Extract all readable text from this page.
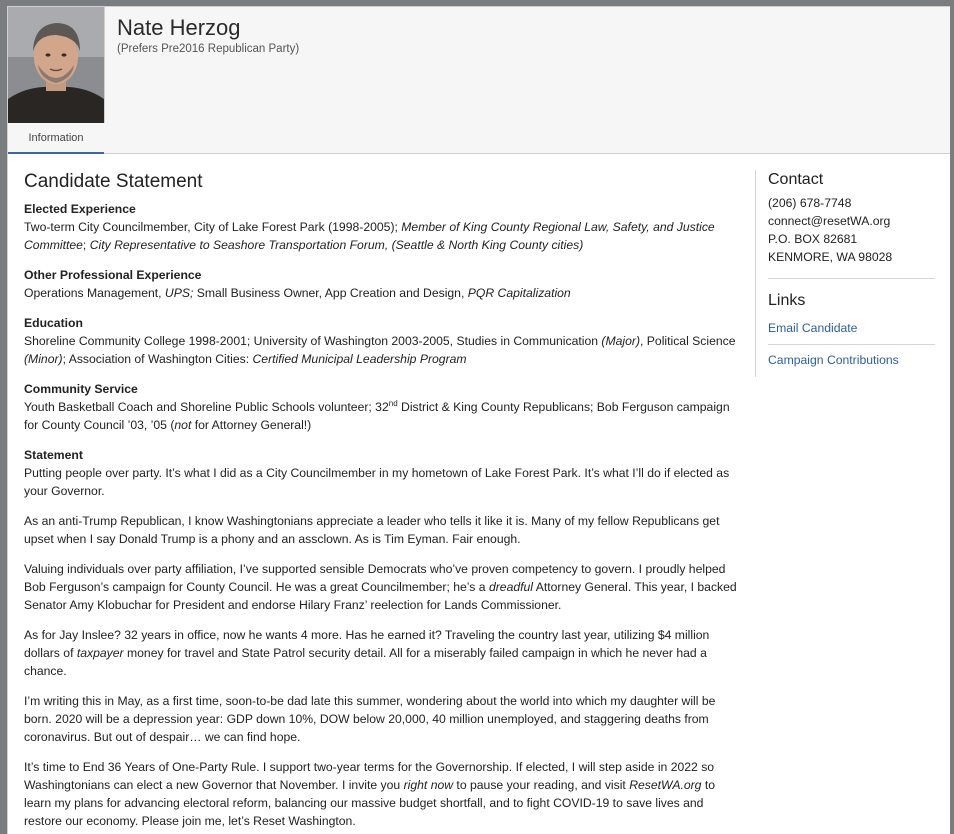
Nate Herzog
(Prefers Pre2016 Republican Party)
Information
Candidate Statement
Elected Experience

Two-term City Councilmember, City of Lake Forest Park (1998-2005); Member of King County Regional Law, Safety, and Justice Committee; City Representative to Seashore Transportation Forum, (Seattle & North King County cities)

Other Professional Experience

Operations Management, UPS; Small Business Owner, App Creation and Design, PQR Capitalization

Education

Shoreline Community College 1998-2001; University of Washington 2003-2005, Studies in Communication (Major), Political Science (Minor); Association of Washington Cities: Certified Municipal Leadership Program

Community Service

Youth Basketball Coach and Shoreline Public Schools volunteer; 32nd District & King County Republicans; Bob Ferguson campaign for County Council ’03, ’05 (not for Attorney General!)

Statement

Putting people over party. It’s what I did as a City Councilmember in my hometown of Lake Forest Park. It’s what I’ll do if elected as your Governor.

As an anti-Trump Republican, I know Washingtonians appreciate a leader who tells it like it is. Many of my fellow Republicans get upset when I say Donald Trump is a phony and an assclown. As is Tim Eyman. Fair enough.

Valuing individuals over party affiliation, I’ve supported sensible Democrats who’ve proven competency to govern. I proudly helped Bob Ferguson’s campaign for County Council. He was a great Councilmember; he’s a dreadful Attorney General. This year, I backed Senator Amy Klobuchar for President and endorse Hilary Franz’ reelection for Lands Commissioner.

As for Jay Inslee? 32 years in office, now he wants 4 more. Has he earned it? Traveling the country last year, utilizing $4 million dollars of taxpayer money for travel and State Patrol security detail. All for a miserably failed campaign in which he never had a chance.

I’m writing this in May, as a first time, soon-to-be dad late this summer, wondering about the world into which my daughter will be born. 2020 will be a depression year: GDP down 10%, DOW below 20,000, 40 million unemployed, and staggering deaths from coronavirus. But out of despair… we can find hope.

It’s time to End 36 Years of One-Party Rule. I support two-year terms for the Governorship. If elected, I will step aside in 2022 so Washingtonians can elect a new Governor that November. I invite you right now to pause your reading, and visit ResetWA.org to learn my plans for advancing electoral reform, balancing our massive budget shortfall, and to fight COVID-19 to save lives and restore our economy. Please join me, let’s Reset Washington.

Contact
(206) 678-7748
connect@resetWA.org
P.O. BOX 82681
KENMORE, WA 98028
Links
Email Candidate
Campaign Contributions
